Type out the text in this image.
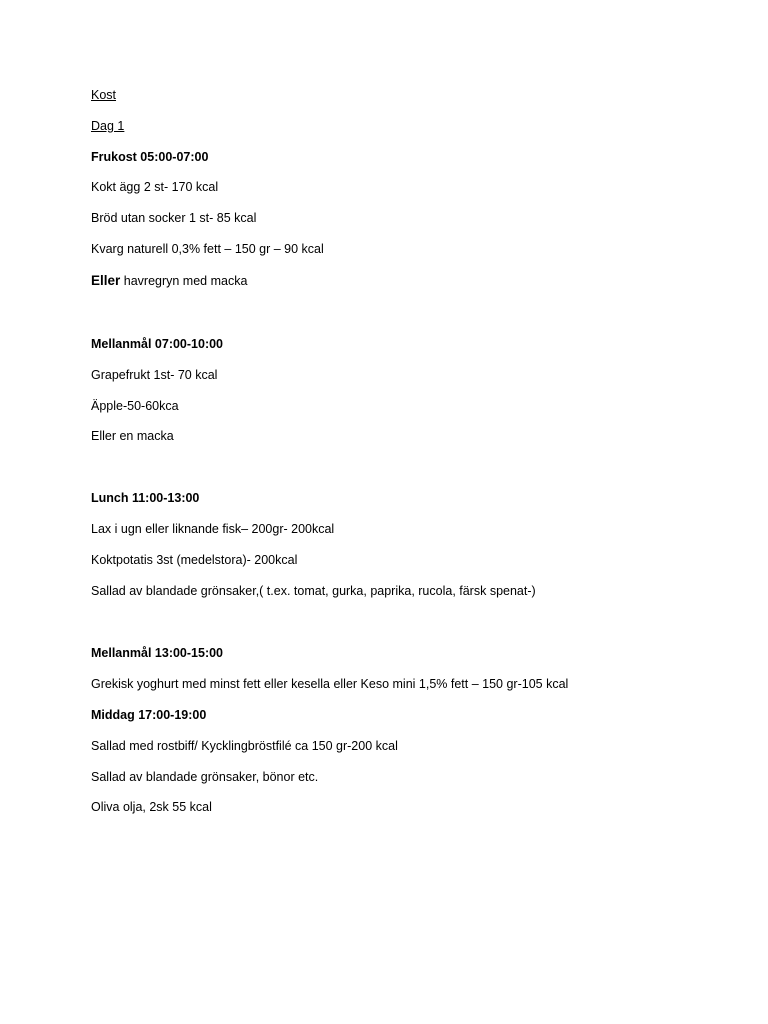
Kost
Dag 1
Frukost 05:00-07:00
Kokt ägg 2 st- 170 kcal
Bröd utan socker 1 st- 85 kcal
Kvarg naturell 0,3% fett – 150 gr – 90 kcal
Eller havregryn med macka
Mellanmål 07:00-10:00
Grapefrukt 1st- 70 kcal
Äpple-50-60kca
Eller en macka
Lunch 11:00-13:00
Lax i ugn eller liknande fisk– 200gr- 200kcal
Koktpotatis 3st (medelstora)- 200kcal
Sallad av blandade grönsaker,( t.ex. tomat, gurka, paprika, rucola, färsk spenat-)
Mellanmål 13:00-15:00
Grekisk yoghurt med minst fett eller kesella eller Keso mini 1,5% fett – 150 gr-105 kcal
Middag 17:00-19:00
Sallad med rostbiff/ Kycklingbröstfilé ca 150 gr-200 kcal
Sallad av blandade grönsaker, bönor etc.
Oliva olja, 2sk 55 kcal
